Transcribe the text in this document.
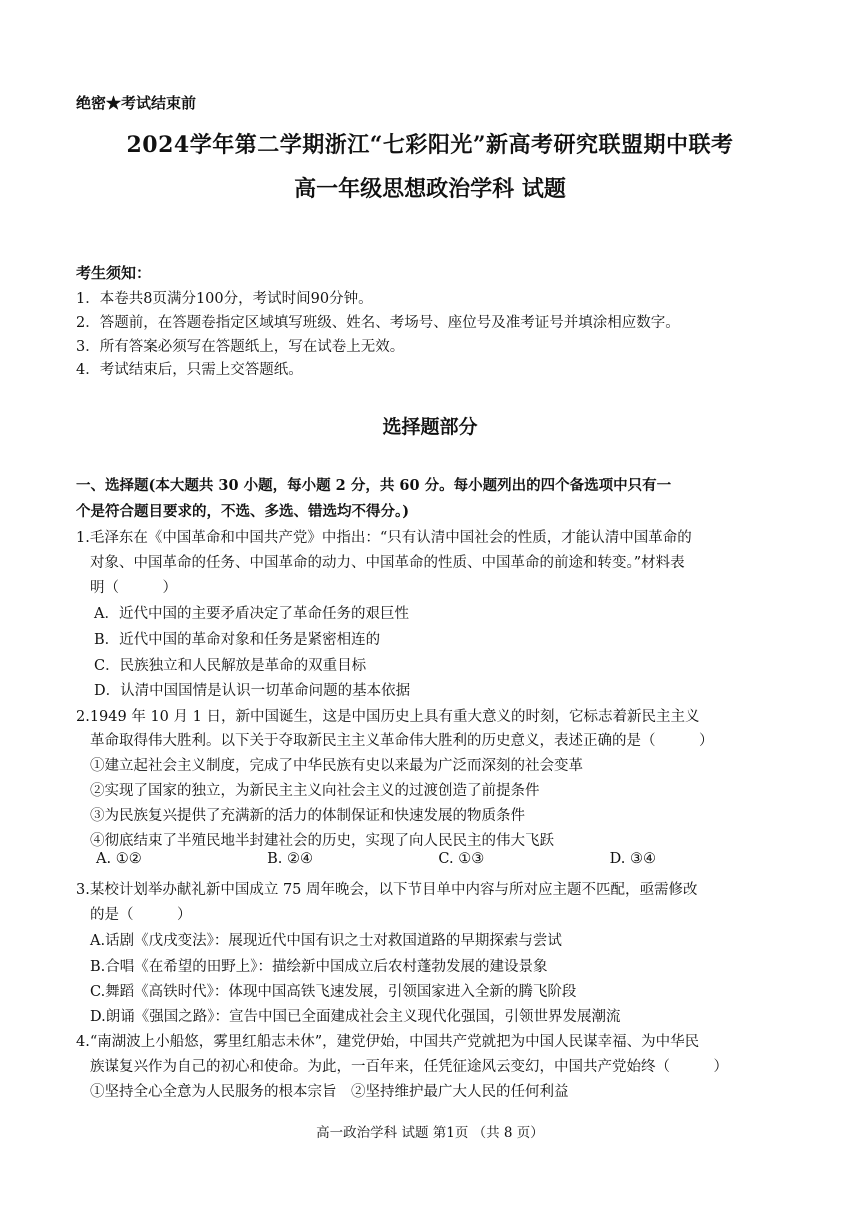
绝密★考试结束前
2024学年第二学期浙江“七彩阳光”新高考研究联盟期中联考
高一年级思想政治学科 试题
考生须知：
1．本卷共8页满分100分，考试时间90分钟。
2．答题前，在答题卷指定区域填写班级、姓名、考场号、座位号及准考证号并填涂相应数字。
3．所有答案必须写在答题纸上，写在试卷上无效。
4．考试结束后，只需上交答题纸。
选择题部分
一、选择题(本大题共 30 小题，每小题 2 分，共 60 分。每小题列出的四个备选项中只有一
个是符合题目要求的，不选、多选、错选均不得分。)
1.毛泽东在《中国革命和中国共产党》中指出：“只有认清中国社会的性质，才能认清中国革命的
对象、中国革命的任务、中国革命的动力、中国革命的性质、中国革命的前途和转变。”材料表
明（　　　）
A．近代中国的主要矛盾决定了革命任务的艰巨性
B．近代中国的革命对象和任务是紧密相连的
C．民族独立和人民解放是革命的双重目标
D．认清中国国情是认识一切革命问题的基本依据
2.1949 年 10 月 1 日，新中国诞生，这是中国历史上具有重大意义的时刻，它标志着新民主主义
革命取得伟大胜利。以下关于夺取新民主主义革命伟大胜利的历史意义，表述正确的是（　　　）
①建立起社会主义制度，完成了中华民族有史以来最为广泛而深刻的社会变革
②实现了国家的独立，为新民主主义向社会主义的过渡创造了前提条件
③为民族复兴提供了充满新的活力的体制保证和快速发展的物质条件
④彻底结束了半殖民地半封建社会的历史，实现了向人民民主的伟大飞跃
A. ①②	B. ②④	C. ①③	D. ③④
3.某校计划举办献礼新中国成立 75 周年晚会，以下节目单中内容与所对应主题不匹配，亟需修改
的是（　　　）
A.话剧《戊戌变法》：展现近代中国有识之士对救国道路的早期探索与尝试
B.合唱《在希望的田野上》：描绘新中国成立后农村蓬勃发展的建设景象
C.舞蹈《高铁时代》：体现中国高铁飞速发展，引领国家进入全新的腾飞阶段
D.朗诵《强国之路》：宣告中国已全面建成社会主义现代化强国，引领世界发展潮流
4.“南湖波上小船悠，雾里红船志未休”，建党伊始，中国共产党就把为中国人民谋幸福、为中华民
族谋复兴作为自己的初心和使命。为此，一百年来，任凭征途风云变幻，中国共产党始终（　　　）
①坚持全心全意为人民服务的根本宗旨　②坚持维护最广大人民的任何利益
高一政治学科 试题 第1页 （共 8 页）
